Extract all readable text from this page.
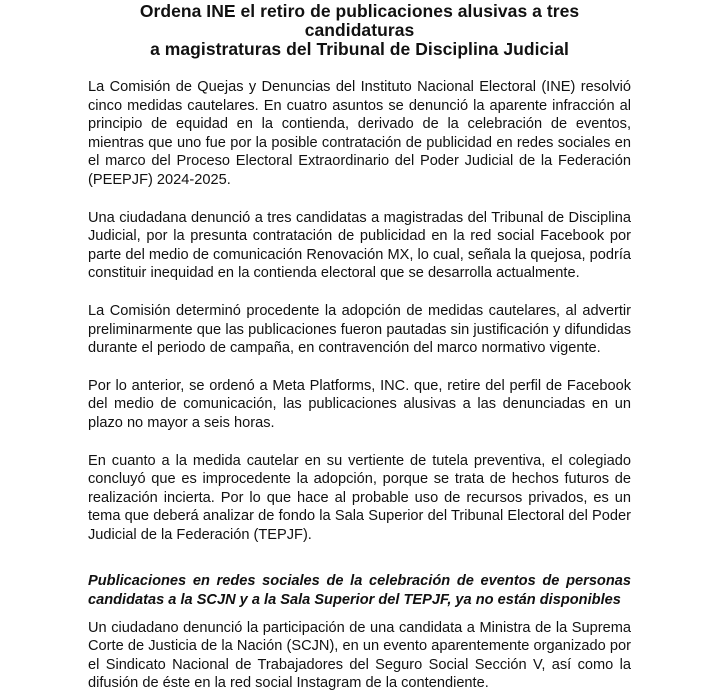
Ordena INE el retiro de publicaciones alusivas a tres candidaturas
a magistraturas del Tribunal de Disciplina Judicial

La Comisión de Quejas y Denuncias del Instituto Nacional Electoral (INE) resolvió cinco medidas cautelares. En cuatro asuntos se denunció la aparente infracción al principio de equidad en la contienda, derivado de la celebración de eventos, mientras que uno fue por la posible contratación de publicidad en redes sociales en el marco del Proceso Electoral Extraordinario del Poder Judicial de la Federación (PEEPJF) 2024-2025.

Una ciudadana denunció a tres candidatas a magistradas del Tribunal de Disciplina Judicial, por la presunta contratación de publicidad en la red social Facebook por parte del medio de comunicación Renovación MX, lo cual, señala la quejosa, podría constituir inequidad en la contienda electoral que se desarrolla actualmente.

La Comisión determinó procedente la adopción de medidas cautelares, al advertir preliminarmente que las publicaciones fueron pautadas sin justificación y difundidas durante el periodo de campaña, en contravención del marco normativo vigente.

Por lo anterior, se ordenó a Meta Platforms, INC. que, retire del perfil de Facebook del medio de comunicación, las publicaciones alusivas a las denunciadas en un plazo no mayor a seis horas.

En cuanto a la medida cautelar en su vertiente de tutela preventiva, el colegiado concluyó que es improcedente la adopción, porque se trata de hechos futuros de realización incierta. Por lo que hace al probable uso de recursos privados, es un tema que deberá analizar de fondo la Sala Superior del Tribunal Electoral del Poder Judicial de la Federación (TEPJF).

Publicaciones en redes sociales de la celebración de eventos de personas candidatas a la SCJN y a la Sala Superior del TEPJF, ya no están disponibles

Un ciudadano denunció la participación de una candidata a Ministra de la Suprema Corte de Justicia de la Nación (SCJN), en un evento aparentemente organizado por el Sindicato Nacional de Trabajadores del Seguro Social Sección V, así como la difusión de éste en la red social Instagram de la contendiente.
